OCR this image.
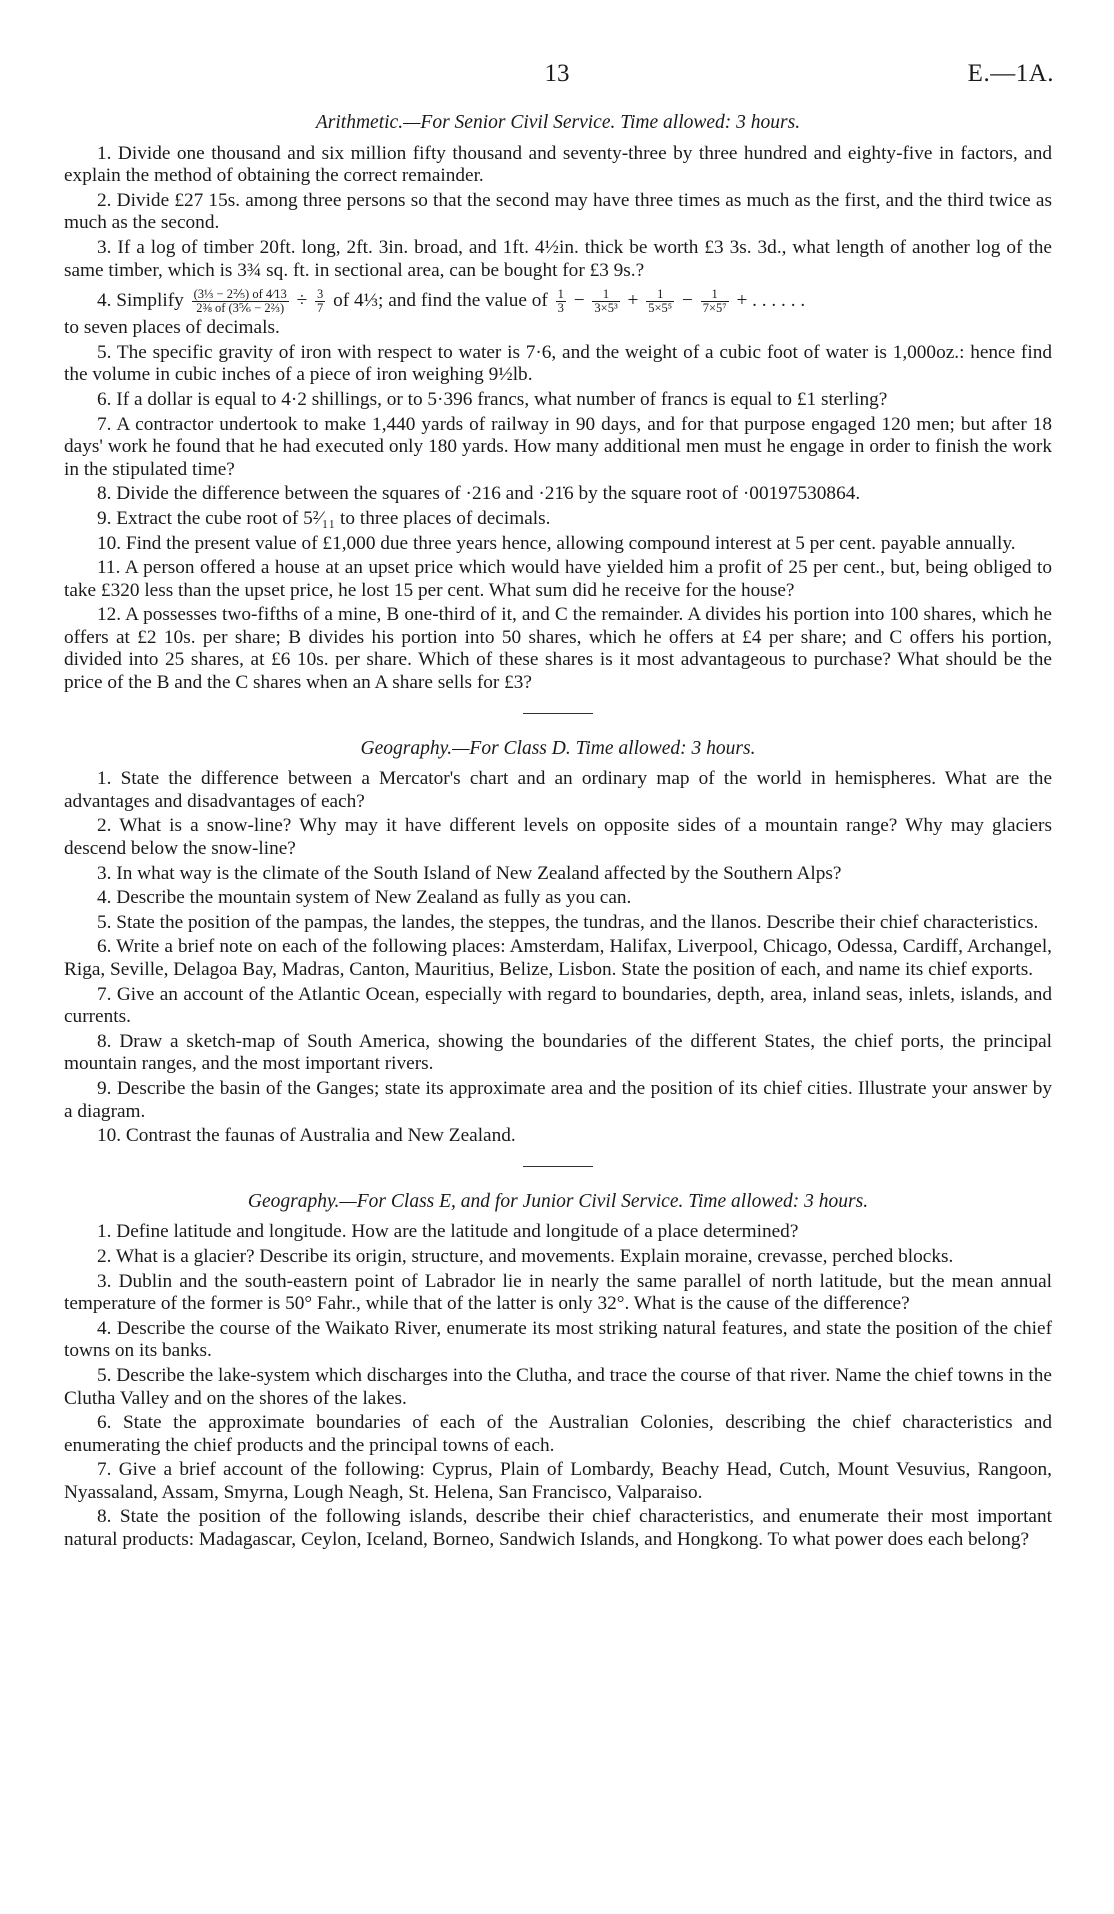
13	E.—1A.

Arithmetic.—For Senior Civil Service. Time allowed: 3 hours.

1. Divide one thousand and six million fifty thousand and seventy-three by three hundred and eighty-five in factors, and explain the method of obtaining the correct remainder.

2. Divide £27 15s. among three persons so that the second may have three times as much as the first, and the third twice as much as the second.

3. If a log of timber 20ft. long, 2ft. 3in. broad, and 1ft. 4½in. thick be worth £3 3s. 3d., what length of another log of the same timber, which is 3¾ sq. ft. in sectional area, can be bought for £3 9s.?

4. Simplify $\frac{\text{(3⅓ − 2⅖) of 4⁄13}}{\text{2⅜ of (3⅚ − 2⅔)}} \div \frac{3}{7}$ of 4⅓; and find the value of $\frac{1}{3} - \frac{1}{\text{3×5³}} + \frac{1}{\text{5×5⁵}} - \frac{1}{\text{7×5⁷}}$ + . . . . . .

to seven places of decimals.

5. The specific gravity of iron with respect to water is 7·6, and the weight of a cubic foot of water is 1,000oz.: hence find the volume in cubic inches of a piece of iron weighing 9½lb.

6. If a dollar is equal to 4·2 shillings, or to 5·396 francs, what number of francs is equal to £1 sterling?

7. A contractor undertook to make 1,440 yards of railway in 90 days, and for that purpose engaged 120 men; but after 18 days' work he found that he had executed only 180 yards. How many additional men must he engage in order to finish the work in the stipulated time?

8. Divide the difference between the squares of ·216 and ·21̇6 by the square root of ·00197530864.

9. Extract the cube root of 5²⁄₁₁ to three places of decimals.

10. Find the present value of £1,000 due three years hence, allowing compound interest at 5 per cent. payable annually.

11. A person offered a house at an upset price which would have yielded him a profit of 25 per cent., but, being obliged to take £320 less than the upset price, he lost 15 per cent. What sum did he receive for the house?

12. A possesses two-fifths of a mine, B one-third of it, and C the remainder. A divides his portion into 100 shares, which he offers at £2 10s. per share; B divides his portion into 50 shares, which he offers at £4 per share; and C offers his portion, divided into 25 shares, at £6 10s. per share. Which of these shares is it most advantageous to purchase? What should be the price of the B and the C shares when an A share sells for £3?

Geography.—For Class D. Time allowed: 3 hours.

1. State the difference between a Mercator's chart and an ordinary map of the world in hemispheres. What are the advantages and disadvantages of each?

2. What is a snow-line? Why may it have different levels on opposite sides of a mountain range? Why may glaciers descend below the snow-line?

3. In what way is the climate of the South Island of New Zealand affected by the Southern Alps?

4. Describe the mountain system of New Zealand as fully as you can.

5. State the position of the pampas, the landes, the steppes, the tundras, and the llanos. Describe their chief characteristics.

6. Write a brief note on each of the following places: Amsterdam, Halifax, Liverpool, Chicago, Odessa, Cardiff, Archangel, Riga, Seville, Delagoa Bay, Madras, Canton, Mauritius, Belize, Lisbon. State the position of each, and name its chief exports.

7. Give an account of the Atlantic Ocean, especially with regard to boundaries, depth, area, inland seas, inlets, islands, and currents.

8. Draw a sketch-map of South America, showing the boundaries of the different States, the chief ports, the principal mountain ranges, and the most important rivers.

9. Describe the basin of the Ganges; state its approximate area and the position of its chief cities. Illustrate your answer by a diagram.

10. Contrast the faunas of Australia and New Zealand.

Geography.—For Class E, and for Junior Civil Service. Time allowed: 3 hours.

1. Define latitude and longitude. How are the latitude and longitude of a place determined?

2. What is a glacier? Describe its origin, structure, and movements. Explain moraine, crevasse, perched blocks.

3. Dublin and the south-eastern point of Labrador lie in nearly the same parallel of north latitude, but the mean annual temperature of the former is 50° Fahr., while that of the latter is only 32°. What is the cause of the difference?

4. Describe the course of the Waikato River, enumerate its most striking natural features, and state the position of the chief towns on its banks.

5. Describe the lake-system which discharges into the Clutha, and trace the course of that river. Name the chief towns in the Clutha Valley and on the shores of the lakes.

6. State the approximate boundaries of each of the Australian Colonies, describing the chief characteristics and enumerating the chief products and the principal towns of each.

7. Give a brief account of the following: Cyprus, Plain of Lombardy, Beachy Head, Cutch, Mount Vesuvius, Rangoon, Nyassaland, Assam, Smyrna, Lough Neagh, St. Helena, San Francisco, Valparaiso.

8. State the position of the following islands, describe their chief characteristics, and enumerate their most important natural products: Madagascar, Ceylon, Iceland, Borneo, Sandwich Islands, and Hongkong. To what power does each belong?
